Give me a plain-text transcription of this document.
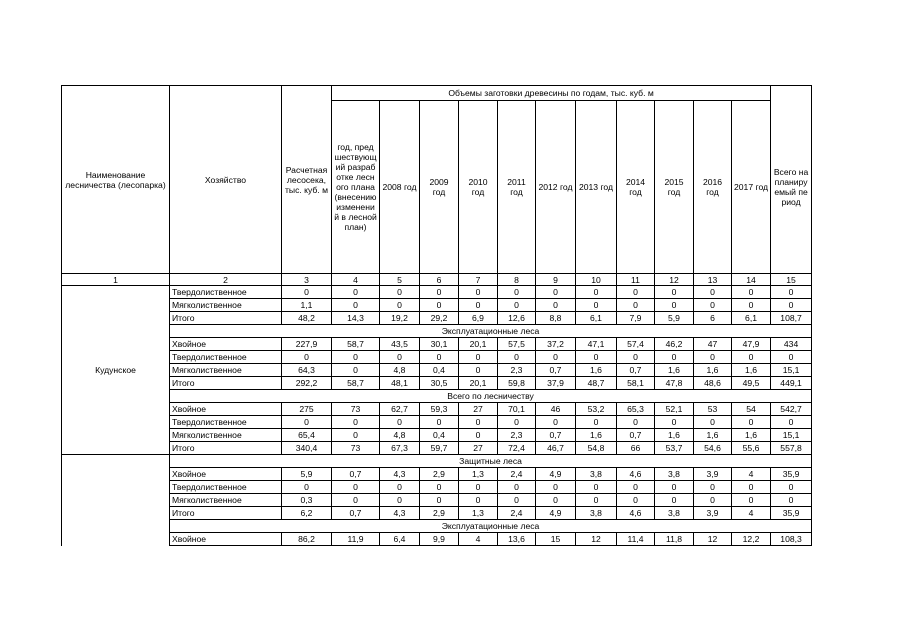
Наименование лесничества (лесопарка)	Хозяйство	Расчетная лесосека, тыс. куб. м	Объемы заготовки древесины по годам, тыс. куб. м											
			год, предшествующий разработке лесного плана (внесению изменений в лесной план)	2008 год	2009 год	2010 год	2011 год	2012 год	2013 год	2014 год	2015 год	2016 год	2017 год	Всего на планируемый период
1	2	3	4	5	6	7	8	9	10	11	12	13	14	15
Кудунское	Твердолиственное	0	0	0	0	0	0	0	0	0	0	0	0	0
	Мягколиственное	1,1	0	0	0	0	0	0	0	0	0	0	0	0
	Итого	48,2	14,3	19,2	29,2	6,9	12,6	8,8	6,1	7,9	5,9	6	6,1	108,7
	Эксплуатационные леса													
	Хвойное	227,9	58,7	43,5	30,1	20,1	57,5	37,2	47,1	57,4	46,2	47	47,9	434
	Твердолиственное	0	0	0	0	0	0	0	0	0	0	0	0	0
	Мягколиственное	64,3	0	4,8	0,4	0	2,3	0,7	1,6	0,7	1,6	1,6	1,6	15,1
	Итого	292,2	58,7	48,1	30,5	20,1	59,8	37,9	48,7	58,1	47,8	48,6	49,5	449,1
	Всего по лесничеству													
	Хвойное	275	73	62,7	59,3	27	70,1	46	53,2	65,3	52,1	53	54	542,7
	Твердолиственное	0	0	0	0	0	0	0	0	0	0	0	0	0
	Мягколиственное	65,4	0	4,8	0,4	0	2,3	0,7	1,6	0,7	1,6	1,6	1,6	15,1
	Итого	340,4	73	67,3	59,7	27	72,4	46,7	54,8	66	53,7	54,6	55,6	557,8
	Защитные леса													
	Хвойное	5,9	0,7	4,3	2,9	1,3	2,4	4,9	3,8	4,6	3,8	3,9	4	35,9
	Твердолиственное	0	0	0	0	0	0	0	0	0	0	0	0	0
	Мягколиственное	0,3	0	0	0	0	0	0	0	0	0	0	0	0
	Итого	6,2	0,7	4,3	2,9	1,3	2,4	4,9	3,8	4,6	3,8	3,9	4	35,9
	Эксплуатационные леса													
	Хвойное	86,2	11,9	6,4	9,9	4	13,6	15	12	11,4	11,8	12	12,2	108,3
